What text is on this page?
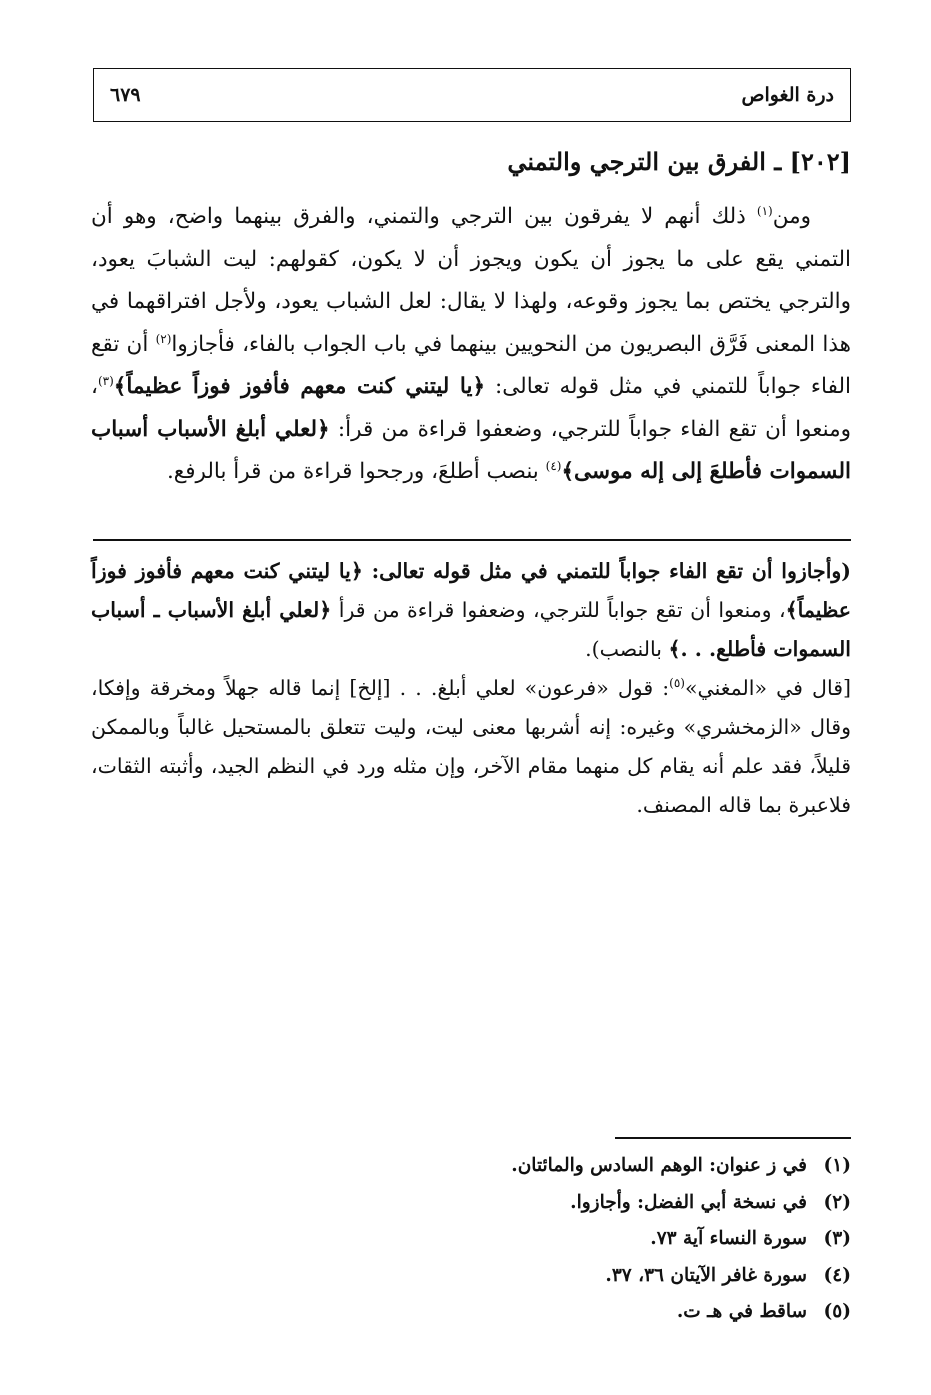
درة الغواص
٦٧٩
[٢٠٢] ـ الفرق بين الترجي والتمني

ومن$^{(١)}$ ذلك أنهم لا يفرقون بين الترجي والتمني، والفرق بينهما واضح، وهو أن التمني يقع على ما يجوز أن يكون ويجوز أن لا يكون، كقولهم: ليت الشبابَ يعود، والترجي يختص بما يجوز وقوعه، ولهذا لا يقال: لعل الشباب يعود، ولأجل افتراقهما في هذا المعنى فَرَّق البصريون من النحويين بينهما في باب الجواب بالفاء، فأجازوا$^{(٢)}$ أن تقع الفاء جواباً للتمني في مثل قوله تعالى: ﴿يا ليتني كنت معهم فأفوز فوزاً عظيماً﴾$^{(٣)}$، ومنعوا أن تقع الفاء جواباً للترجي، وضعفوا قراءة من قرأ: ﴿لعلي أبلغ الأسباب أسباب السموات فأطلعَ إلى إله موسى﴾$^{(٤)}$ بنصب أطلعَ، ورجحوا قراءة من قرأ بالرفع.

(وأجازوا أن تقع الفاء جواباً للتمني في مثل قوله تعالى: ﴿يا ليتني كنت معهم فأفوز فوزاً عظيماً﴾، ومنعوا أن تقع جواباً للترجي، وضعفوا قراءة من قرأ ﴿لعلي أبلغ الأسباب ـ أسباب السموات فأطلع. . .﴾ بالنصب).

[قال في «المغني»$^{(٥)}$: قول «فرعون» لعلي أبلغ. . . [إلخ] إنما قاله جهلاً ومخرقة وإفكا، وقال «الزمخشري» وغيره: إنه أشربها معنى ليت، وليت تتعلق بالمستحيل غالباً وبالممكن قليلاً، فقد علم أنه يقام كل منهما مقام الآخر، وإن مثله ورد في النظم الجيد، وأثبته الثقات، فلاعبرة بما قاله المصنف.

(١)
في ز عنوان: الوهم السادس والمائتان.
(٢)
في نسخة أبي الفضل: وأجازوا.
(٣)
سورة النساء آية ٧٣.
(٤)
سورة غافر الآيتان ٣٦، ٣٧.
(٥)
ساقط في هـ ت.
